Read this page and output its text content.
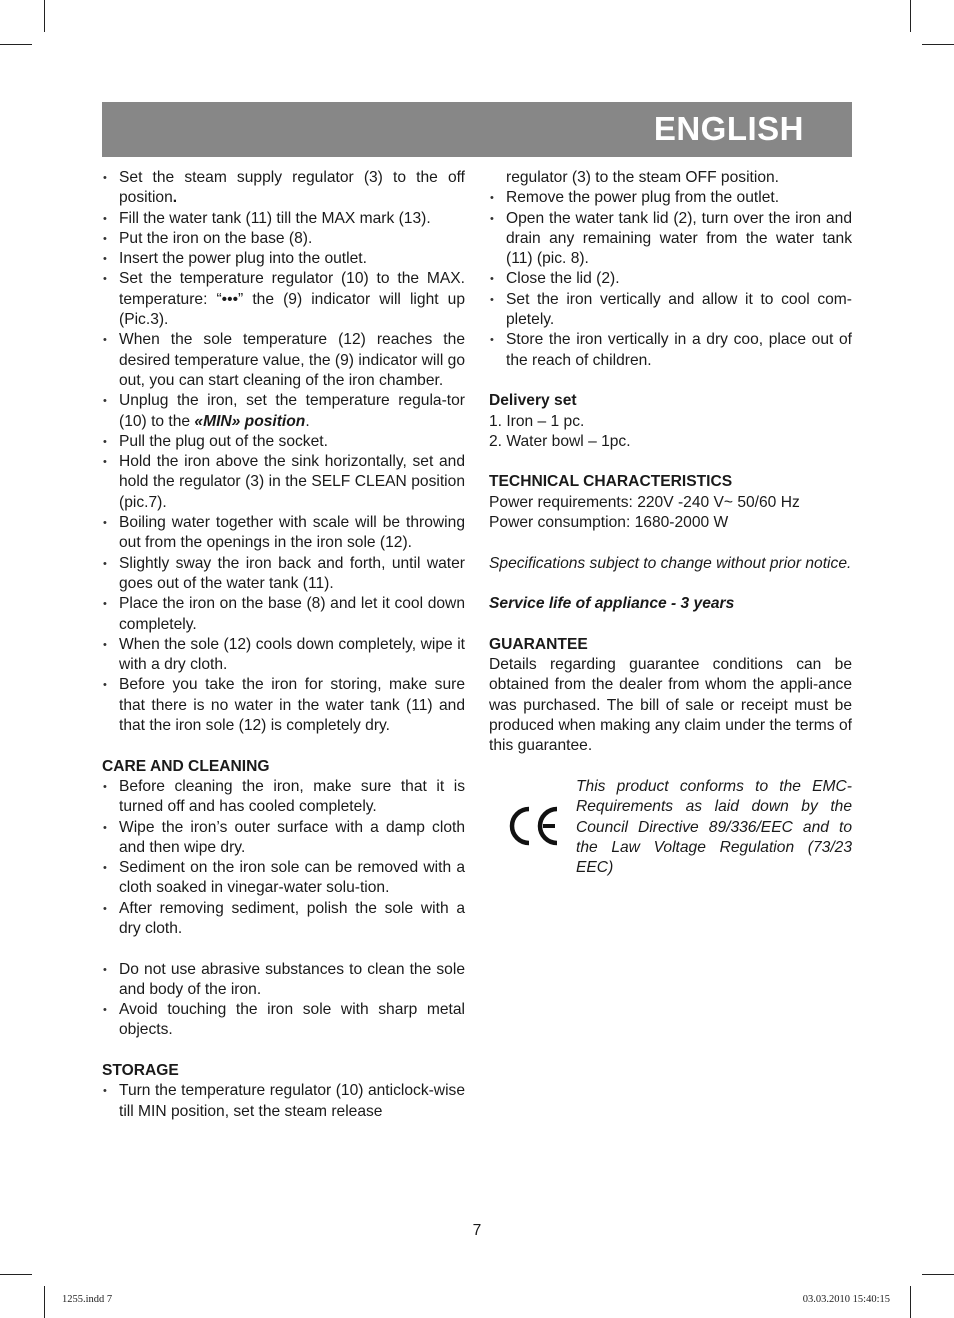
ENGLISH
• Set the steam supply regulator (3) to the off position.
• Fill the water tank (11) till the MAX mark (13).
• Put the iron on the base (8).
• Insert the power plug into the outlet.
• Set the temperature regulator (10) to the MAX. temperature: “•••” the (9) indicator will light up (Pic.3).
• When the sole temperature (12) reaches the desired temperature value, the (9) indicator will go out, you can start cleaning of the iron chamber.
• Unplug the iron, set the temperature regula-tor (10) to the «MIN» position.
• Pull the plug out of the socket.
• Hold the iron above the sink horizontally, set and hold the regulator (3) in the SELF CLEAN position (pic.7).
• Boiling water together with scale will be throwing out from the openings in the iron sole (12).
• Slightly sway the iron back and forth, until water goes out of the water tank (11).
• Place the iron on the base (8) and let it cool down completely.
• When the sole (12) cools down completely, wipe it with a dry cloth.
• Before you take the iron for storing, make sure that there is no water in the water tank (11) and that the iron sole (12) is completely dry.

CARE AND CLEANING

• Before cleaning the iron, make sure that it is turned off and has cooled completely.
• Wipe the iron’s outer surface with a damp cloth and then wipe dry.
• Sediment on the iron sole can be removed with a cloth soaked in vinegar-water solu-tion.
• After removing sediment, polish the sole with a dry cloth.
• Do not use abrasive substances to clean the sole and body of the iron.
• Avoid touching the iron sole with sharp metal objects.

STORAGE

• Turn the temperature regulator (10) anticlock-wise till MIN position, set the steam release
regulator (3) to the steam OFF position.
• Remove the power plug from the outlet.
• Open the water tank lid (2), turn over the iron and drain any remaining water from the water tank (11) (pic. 8).
• Close the lid (2).
• Set the iron vertically and allow it to cool com-pletely.
• Store the iron vertically in a dry coo, place out of the reach of children.

Delivery set

1. Iron – 1 pc.
2. Water bowl – 1pc.

TECHNICAL CHARACTERISTICS

Power requirements: 220V -240 V~ 50/60 Hz

Power consumption: 1680-2000 W

Specifications subject to change without prior notice.

Service life of appliance - 3 years

GUARANTEE

Details regarding guarantee conditions can be obtained from the dealer from whom the appli-ance was purchased. The bill of sale or receipt must be produced when making any claim under the terms of this guarantee.

This product conforms to the EMC-Requirements as laid down by the Council Directive 89/336/EEC and to the Law Voltage Regulation (73/23 EEC)
7
1255.indd 7	03.03.2010 15:40:15
